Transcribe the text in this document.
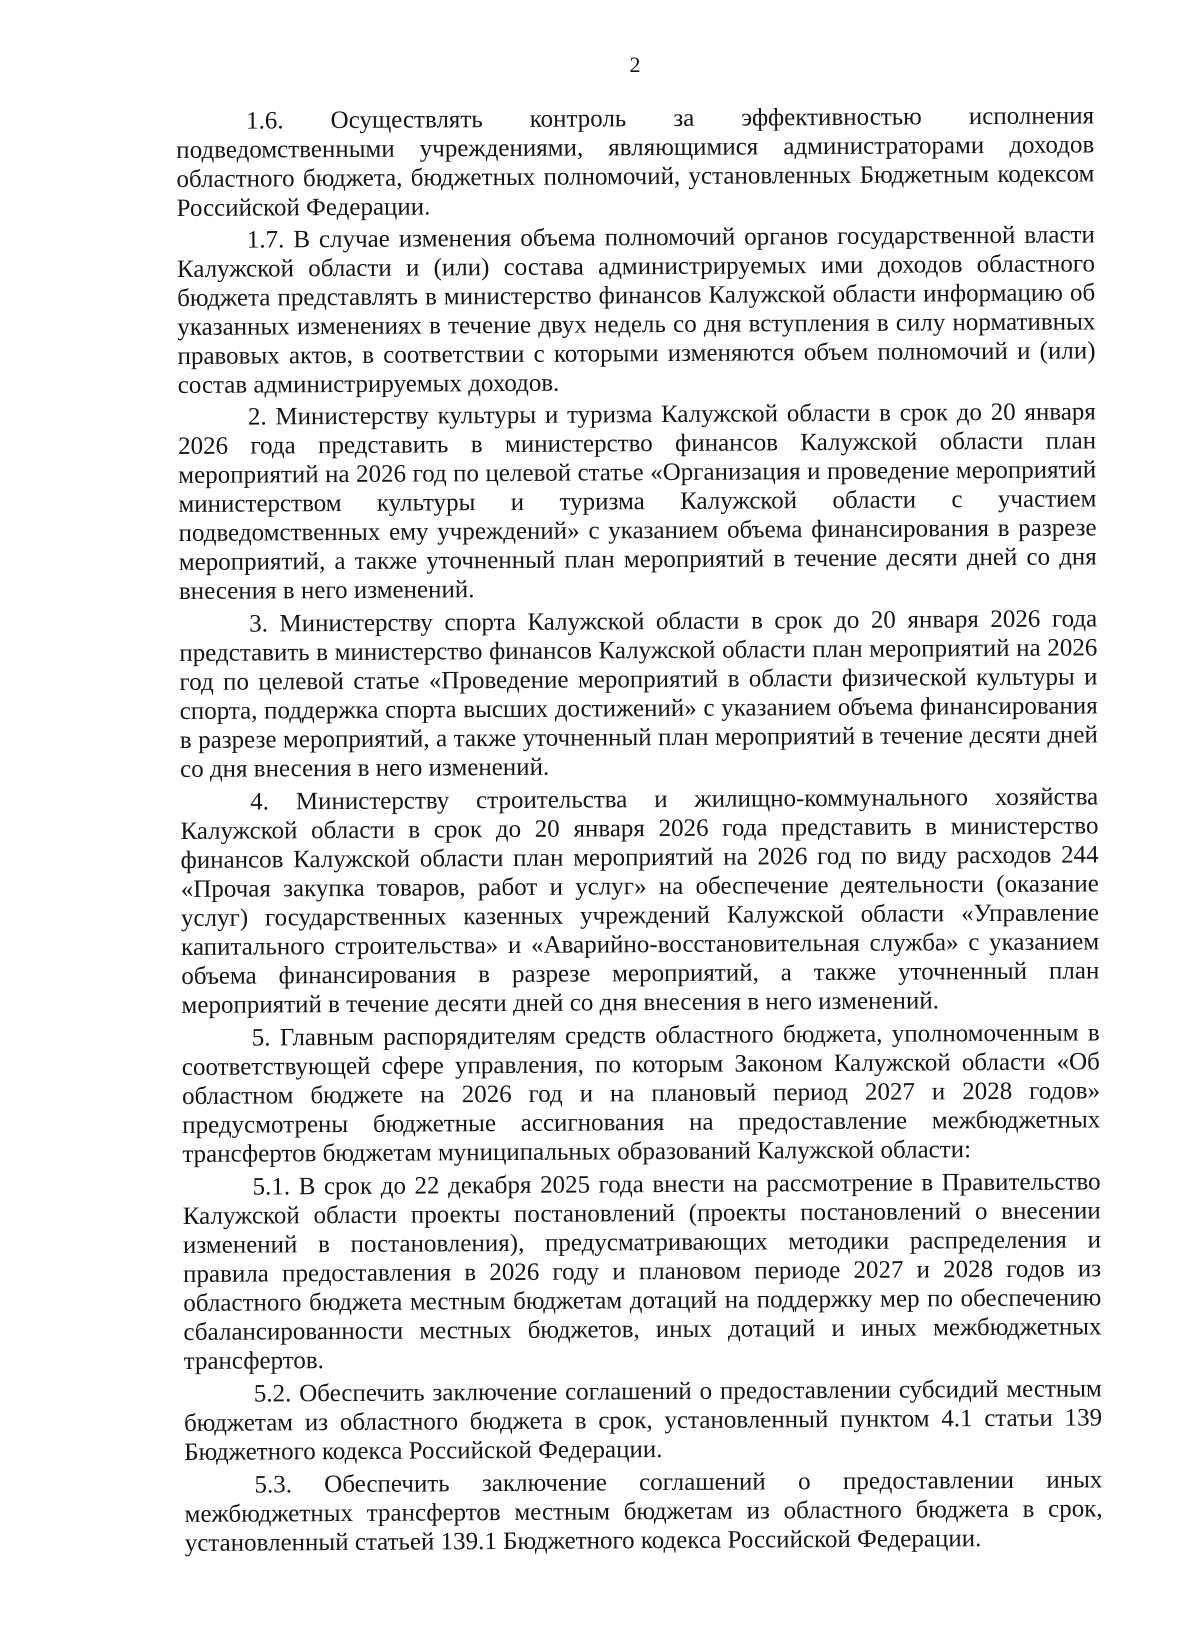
2

1.6. Осуществлять контроль за эффективностью исполнения подведомственными учреждениями, являющимися администраторами доходов областного бюджета, бюджетных полномочий, установленных Бюджетным кодексом Российской Федерации.

1.7. В случае изменения объема полномочий органов государственной власти Калужской области и (или) состава администрируемых ими доходов областного бюджета представлять в министерство финансов Калужской области информацию об указанных изменениях в течение двух недель со дня вступления в силу нормативных правовых актов, в соответствии с которыми изменяются объем полномочий и (или) состав администрируемых доходов.

2. Министерству культуры и туризма Калужской области в срок до 20 января 2026 года представить в министерство финансов Калужской области план мероприятий на 2026 год по целевой статье «Организация и проведение мероприятий министерством культуры и туризма Калужской области с участием подведомственных ему учреждений» с указанием объема финансирования в разрезе мероприятий, а также уточненный план мероприятий в течение десяти дней со дня внесения в него изменений.

3. Министерству спорта Калужской области в срок до 20 января 2026 года представить в министерство финансов Калужской области план мероприятий на 2026 год по целевой статье «Проведение мероприятий в области физической культуры и спорта, поддержка спорта высших достижений» с указанием объема финансирования в разрезе мероприятий, а также уточненный план мероприятий в течение десяти дней со дня внесения в него изменений.

4. Министерству строительства и жилищно-коммунального хозяйства Калужской области в срок до 20 января 2026 года представить в министерство финансов Калужской области план мероприятий на 2026 год по виду расходов 244 «Прочая закупка товаров, работ и услуг» на обеспечение деятельности (оказание услуг) государственных казенных учреждений Калужской области «Управление капитального строительства» и «Аварийно-восстановительная служба» с указанием объема финансирования в разрезе мероприятий, а также уточненный план мероприятий в течение десяти дней со дня внесения в него изменений.

5. Главным распорядителям средств областного бюджета, уполномоченным в соответствующей сфере управления, по которым Законом Калужской области «Об областном бюджете на 2026 год и на плановый период 2027 и 2028 годов» предусмотрены бюджетные ассигнования на предоставление межбюджетных трансфертов бюджетам муниципальных образований Калужской области:

5.1. В срок до 22 декабря 2025 года внести на рассмотрение в Правительство Калужской области проекты постановлений (проекты постановлений о внесении изменений в постановления), предусматривающих методики распределения и правила предоставления в 2026 году и плановом периоде 2027 и 2028 годов из областного бюджета местным бюджетам дотаций на поддержку мер по обеспечению сбалансированности местных бюджетов, иных дотаций и иных межбюджетных трансфертов.

5.2. Обеспечить заключение соглашений о предоставлении субсидий местным бюджетам из областного бюджета в срок, установленный пунктом 4.1 статьи 139 Бюджетного кодекса Российской Федерации.

5.3. Обеспечить заключение соглашений о предоставлении иных межбюджетных трансфертов местным бюджетам из областного бюджета в срок, установленный статьей 139.1 Бюджетного кодекса Российской Федерации.
